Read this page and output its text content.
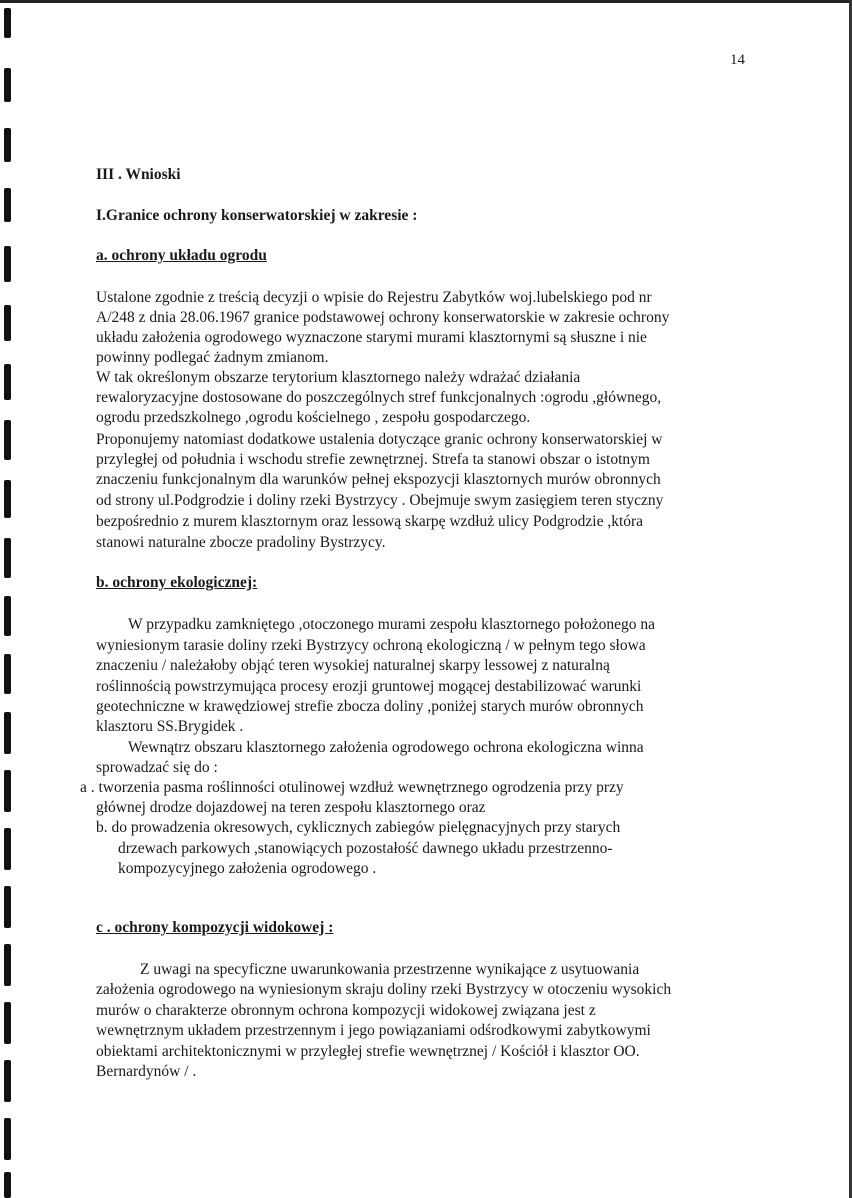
14
III . Wnioski
I.Granice ochrony konserwatorskiej w zakresie :
a. ochrony układu ogrodu
Ustalone zgodnie z treścią decyzji o wpisie do Rejestru Zabytków woj.lubelskiego pod nr
A/248 z dnia 28.06.1967 granice podstawowej ochrony konserwatorskie w zakresie ochrony
układu założenia ogrodowego wyznaczone starymi murami klasztornymi są słuszne i nie
powinny podlegać żadnym zmianom.
W tak określonym obszarze terytorium klasztornego należy wdrażać działania
rewaloryzacyjne dostosowane do poszczególnych stref funkcjonalnych :ogrodu ,głównego,
ogrodu przedszkolnego ,ogrodu kościelnego , zespołu gospodarczego.
Proponujemy natomiast dodatkowe ustalenia dotyczące granic ochrony konserwatorskiej w
przyległej od południa i wschodu strefie zewnętrznej. Strefa ta stanowi obszar o istotnym
znaczeniu funkcjonalnym dla warunków pełnej ekspozycji klasztornych murów obronnych
od strony ul.Podgrodzie i doliny rzeki Bystrzycy . Obejmuje swym zasięgiem teren styczny
bezpośrednio z murem klasztornym oraz lessową skarpę wzdłuż ulicy Podgrodzie ,która
stanowi naturalne zbocze pradoliny Bystrzycy.
b. ochrony ekologicznej:
W przypadku zamkniętego ,otoczonego murami zespołu klasztornego położonego na
wyniesionym tarasie doliny rzeki Bystrzycy ochroną ekologiczną / w pełnym tego słowa
znaczeniu / należałoby objąć teren wysokiej naturalnej skarpy lessowej z naturalną
roślinnością powstrzymująca procesy erozji gruntowej mogącej destabilizować warunki
geotechniczne w krawędziowej strefie zbocza doliny ,poniżej starych murów obronnych
klasztoru SS.Brygidek .
Wewnątrz obszaru klasztornego założenia ogrodowego ochrona ekologiczna winna
sprowadzać się do :
a . tworzenia pasma roślinności otulinowej wzdłuż wewnętrznego ogrodzenia przy przy
głównej drodze dojazdowej na teren zespołu klasztornego oraz
b. do prowadzenia okresowych, cyklicznych zabiegów pielęgnacyjnych przy starych
drzewach parkowych ,stanowiących pozostałość dawnego układu przestrzenno-
kompozycyjnego założenia ogrodowego .
c . ochrony kompozycji widokowej :
Z uwagi na specyficzne uwarunkowania przestrzenne wynikające z usytuowania
założenia ogrodowego na wyniesionym skraju doliny rzeki Bystrzycy w otoczeniu wysokich
murów o charakterze obronnym ochrona kompozycji widokowej związana jest z
wewnętrznym układem przestrzennym i jego powiązaniami odśrodkowymi zabytkowymi
obiektami architektonicznymi w przyległej strefie wewnętrznej / Kościół i klasztor OO.
Bernardynów / .
